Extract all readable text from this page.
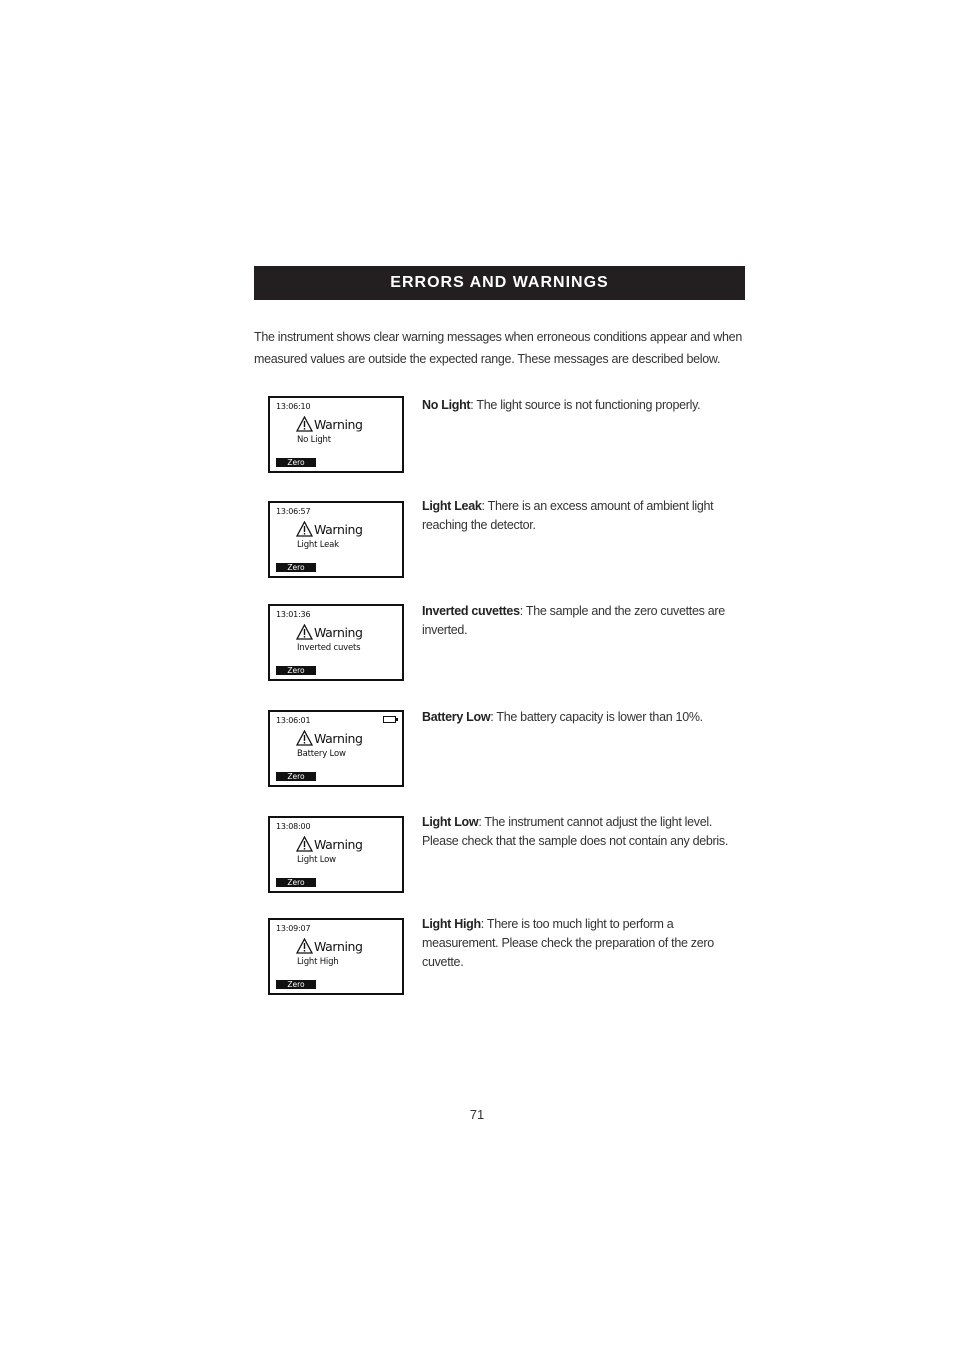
ERRORS AND WARNINGS
The instrument shows clear warning messages when erroneous conditions appear and when measured values are outside the expected range. These messages are described below.
13:06:10
Warning
No Light
Zero
No Light: The light source is not functioning properly.
13:06:57
Warning
Light Leak
Zero
Light Leak: There is an excess amount of ambient light reaching the detector.
13:01:36
Warning
Inverted cuvets
Zero
Inverted cuvettes: The sample and the zero cuvettes are inverted.
13:06:01
Warning
Battery Low
Zero
Battery Low: The battery capacity is lower than 10%.
13:08:00
Warning
Light Low
Zero
Light Low: The instrument cannot adjust the light level. Please check that the sample does not contain any debris.
13:09:07
Warning
Light High
Zero
Light High: There is too much light to perform a measurement. Please check the preparation of the zero cuvette.
71
